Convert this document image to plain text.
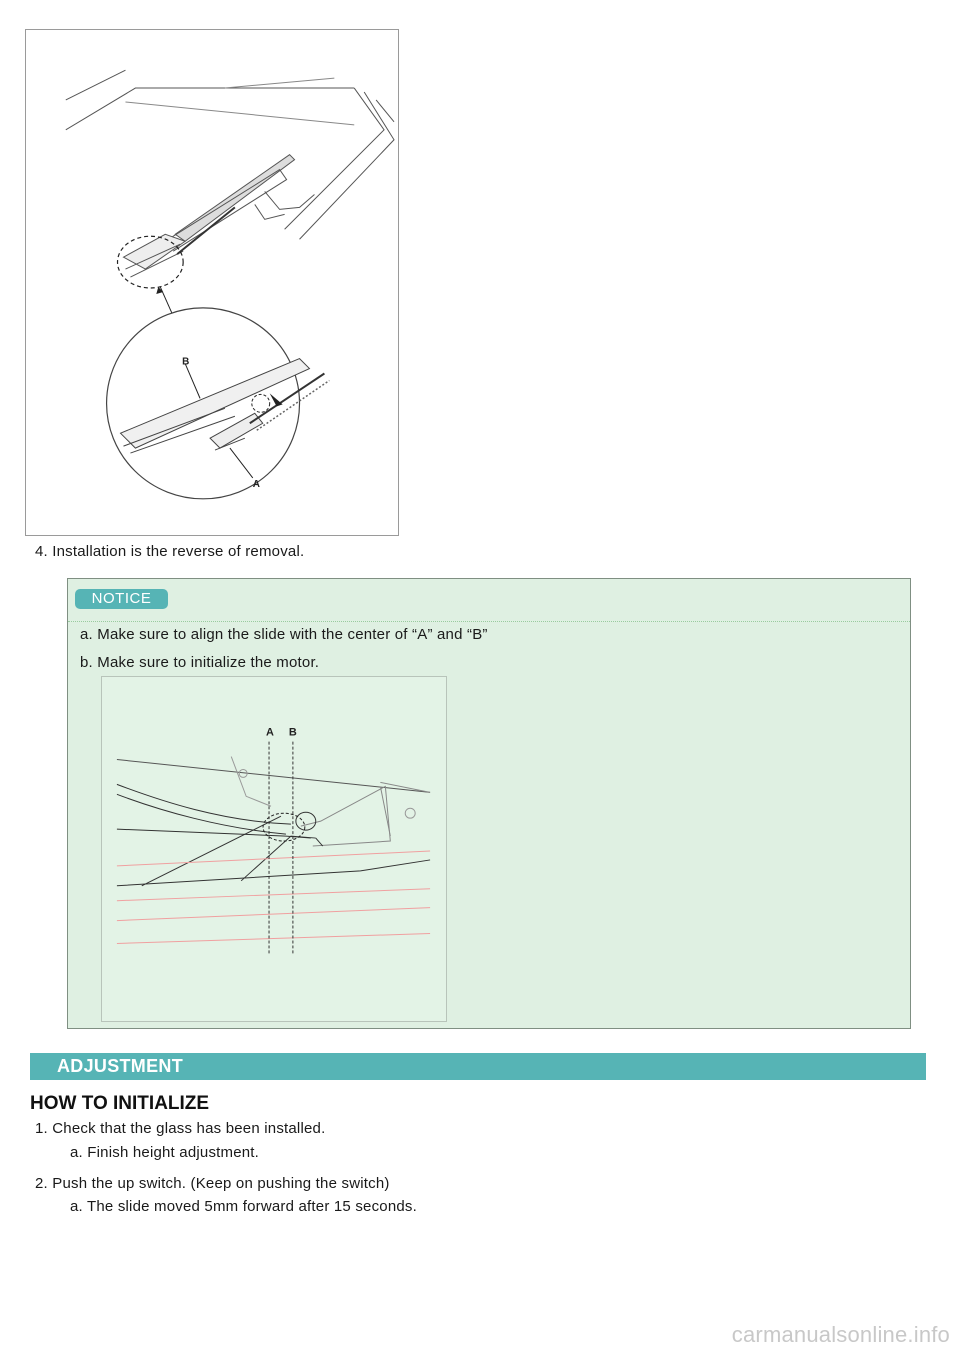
B
A
4. Installation is the reverse of removal.
NOTICE
a. Make sure to align the slide with the center of “A” and “B”
b. Make sure to initialize the motor.
A B
ADJUSTMENT
HOW TO INITIALIZE
1. Check that the glass has been installed.
a. Finish height adjustment.
2. Push the up switch. (Keep on pushing the switch)
a. The slide moved 5mm forward after 15 seconds.
carmanualsonline.info
